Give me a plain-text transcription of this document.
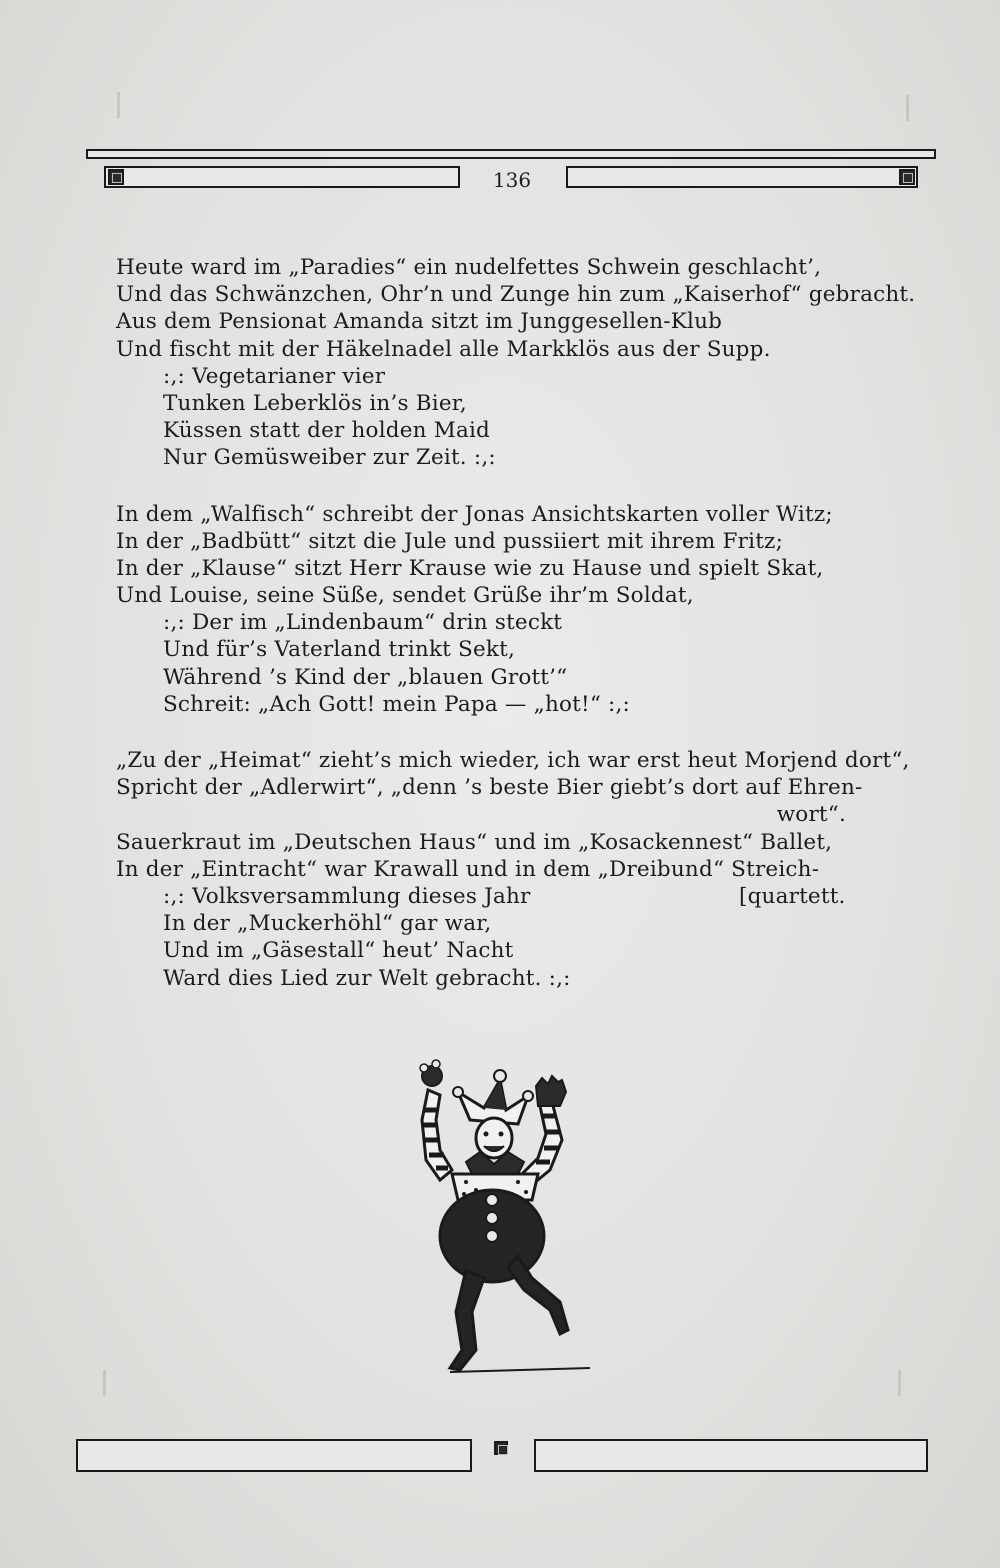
136
Heute ward im „Paradies“ ein nudelfettes Schwein geschlacht’,
Und das Schwänzchen, Ohr’n und Zunge hin zum „Kaiserhof“ gebracht.
Aus dem Pensionat Amanda sitzt im Junggesellen-Klub
Und fischt mit der Häkelnadel alle Markklös aus der Supp.
:,: Vegetarianer vier
Tunken Leberklös in’s Bier,
Küssen statt der holden Maid
Nur Gemüsweiber zur Zeit. :,:
In dem „Walfisch“ schreibt der Jonas Ansichtskarten voller Witz;
In der „Badbütt“ sitzt die Jule und pussiiert mit ihrem Fritz;
In der „Klause“ sitzt Herr Krause wie zu Hause und spielt Skat,
Und Louise, seine Süße, sendet Grüße ihr’m Soldat,
:,: Der im „Lindenbaum“ drin steckt
Und für’s Vaterland trinkt Sekt,
Während ’s Kind der „blauen Grott’“
Schreit: „Ach Gott! mein Papa — „hot!“ :,:
„Zu der „Heimat“ zieht’s mich wieder, ich war erst heut Morjend dort“,
Spricht der „Adlerwirt“, „denn ’s beste Bier giebt’s dort auf Ehren-
wort“.
Sauerkraut im „Deutschen Haus“ und im „Kosackennest“ Ballet,
In der „Eintracht“ war Krawall und in dem „Dreibund“ Streich-
:,: Volksversammlung dieses Jahr	[quartett.
In der „Muckerhöhl“ gar war,
Und im „Gäsestall“ heut’ Nacht
Ward dies Lied zur Welt gebracht. :,:
